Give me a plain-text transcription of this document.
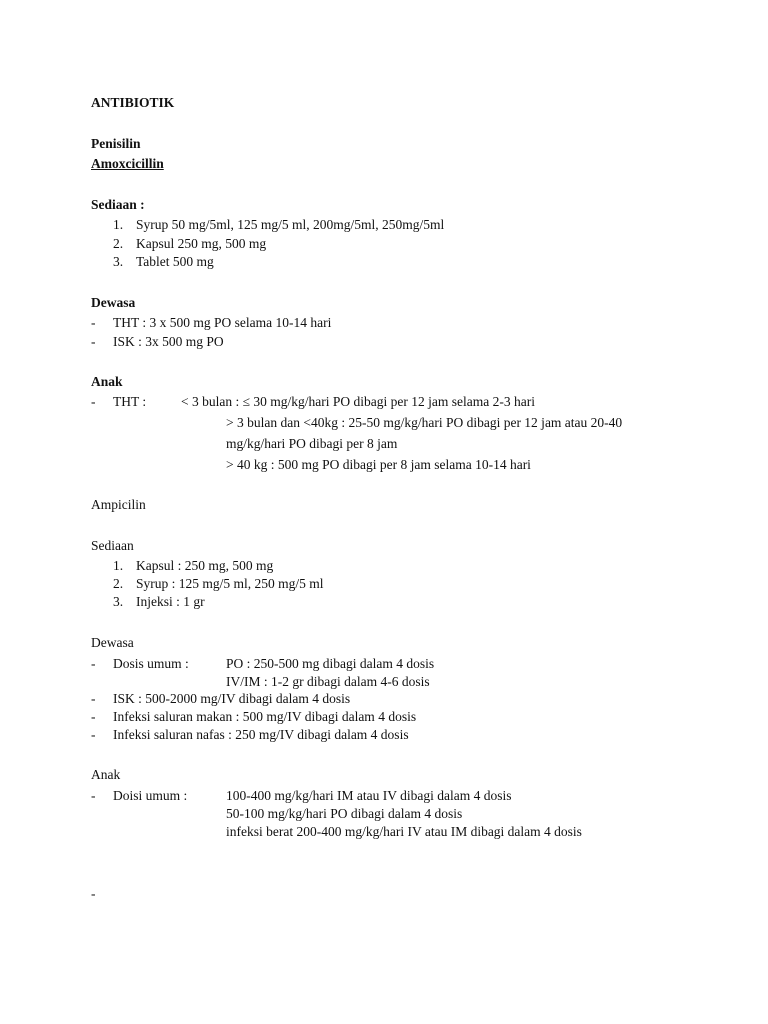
ANTIBIOTIK
Penisilin
Amoxcicillin
Sediaan :
1. Syrup 50 mg/5ml, 125 mg/5 ml, 200mg/5ml, 250mg/5ml
2. Kapsul 250 mg, 500 mg
3. Tablet 500 mg
Dewasa
- THT : 3 x 500 mg PO selama 10-14 hari
- ISK : 3x 500 mg PO
Anak
- THT :	< 3 bulan : ≤ 30 mg/kg/hari PO dibagi per 12 jam selama 2-3 hari
> 3 bulan dan <40kg : 25-50 mg/kg/hari PO dibagi per 12 jam atau 20-40
mg/kg/hari PO dibagi per 8 jam
> 40 kg : 500 mg PO dibagi per 8 jam selama 10-14 hari
Ampicilin
Sediaan
1. Kapsul : 250 mg, 500 mg
2. Syrup : 125 mg/5 ml, 250 mg/5 ml
3. Injeksi : 1 gr
Dewasa
- Dosis umum :	PO : 250-500 mg dibagi dalam 4 dosis
IV/IM : 1-2 gr dibagi dalam 4-6 dosis
- ISK : 500-2000 mg/IV dibagi dalam 4 dosis
- Infeksi saluran makan : 500 mg/IV dibagi dalam 4 dosis
- Infeksi saluran nafas : 250 mg/IV dibagi dalam 4 dosis
Anak
- Doisi umum :	100-400 mg/kg/hari IM atau IV dibagi dalam 4 dosis
50-100 mg/kg/hari PO dibagi dalam 4 dosis
infeksi berat 200-400 mg/kg/hari IV atau IM dibagi dalam 4 dosis
-
